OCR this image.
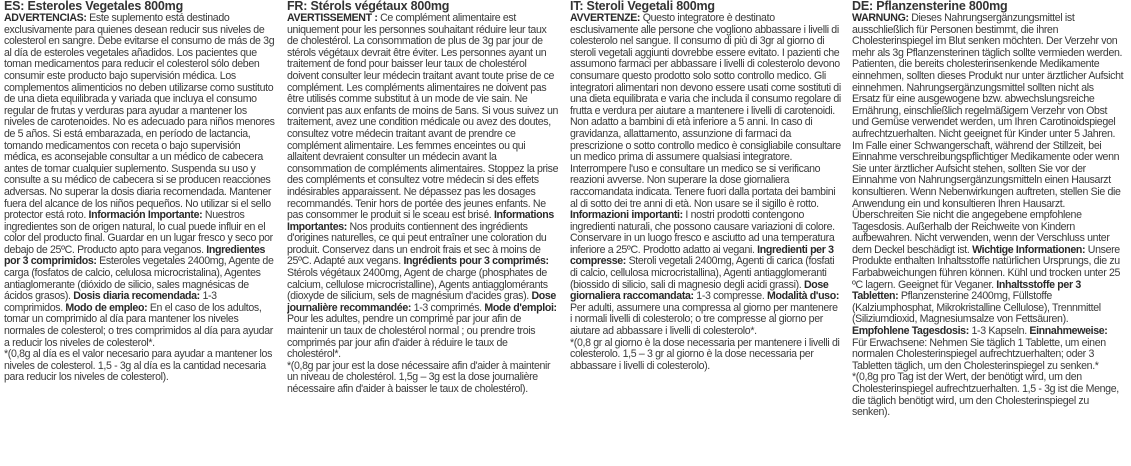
ES: Esteroles Vegetales 800mg
ADVERTENCIAS: Este suplemento está destinado exclusivamente para quienes desean reducir sus niveles de colesterol en sangre. Debe evitarse el consumo de más de 3g al día de esteroles vegetales añadidos. Los pacientes que toman medicamentos para reducir el colesterol sólo deben consumir este producto bajo supervisión médica. Los complementos alimenticios no deben utilizarse como sustituto de una dieta equilibrada y variada que incluya el consumo regular de frutas y verduras para ayudar a mantener los niveles de carotenoides. No es adecuado para niños menores de 5 años. Si está embarazada, en período de lactancia, tomando medicamentos con receta o bajo supervisión médica, es aconsejable consultar a un médico de cabecera antes de tomar cualquier suplemento. Suspenda su uso y consulte a su médico de cabecera si se producen reacciones adversas. No superar la dosis diaria recomendada. Mantener fuera del alcance de los niños pequeños. No utilizar si el sello protector está roto. Información Importante: Nuestros ingredientes son de origen natural, lo cual puede influir en el color del producto final. Guardar en un lugar fresco y seco por debajo de 25ºC. Producto apto para veganos. Ingredientes por 3 comprimidos: Esteroles vegetales 2400mg, Agente de carga (fosfatos de calcio, celulosa microcristalina), Agentes antiaglomerante (dióxido de silicio, sales magnésicas de ácidos grasos). Dosis diaria recomendada: 1-3 comprimidos. Modo de empleo: En el caso de los adultos, tomar un comprimido al día para mantener los niveles normales de colesterol; o tres comprimidos al día para ayudar a reducir los niveles de colesterol*.
*(0,8g al día es el valor necesario para ayudar a mantener los niveles de colesterol. 1,5 - 3g al día es la cantidad necesaria para reducir los niveles de colesterol).
FR: Stérols végétaux 800mg
AVERTISSEMENT : Ce complément alimentaire est uniquement pour les personnes souhaitant réduire leur taux de cholestérol. La consommation de plus de 3g par jour de stérols végétaux devrait être éviter. Les personnes ayant un traitement de fond pour baisser leur taux de cholestérol doivent consulter leur médecin traitant avant toute prise de ce complément. Les compléments alimentaires ne doivent pas être utilisés comme substitut à un mode de vie sain. Ne convient pas aux enfants de moins de 5ans. Si vous suivez un traitement, avez une condition médicale ou avez des doutes, consultez votre médecin traitant avant de prendre ce complément alimentaire. Les femmes enceintes ou qui allaitent devraient consulter un médecin avant la consommation de compléments alimentaires. Stoppez la prise des compléments et consultez votre médecin si des effets indésirables apparaissent. Ne dépassez pas les dosages recommandés. Tenir hors de portée des jeunes enfants. Ne pas consommer le produit si le sceau est brisé. Informations Importantes: Nos produits contiennent des ingrédients d'origines naturelles, ce qui peut entraîner une coloration du produit. Conservez dans un endroit frais et sec à moins de 25ºC. Adapté aux vegans. Ingrédients pour 3 comprimés: Stérols végétaux 2400mg, Agent de charge (phosphates de calcium, cellulose microcristalline), Agents antiagglomérants (dioxyde de silicium, sels de magnésium d'acides gras). Dose journalière recommandée: 1-3 comprimés. Mode d'emploi: Pour les adultes, pendre un comprimé par jour afin de maintenir un taux de cholestérol normal ; ou prendre trois comprimés par jour afin d'aider à réduire le taux de cholestérol*.
*(0,8g par jour est la dose nécessaire afin d'aider à maintenir un niveau de cholestérol. 1,5g – 3g est la dose journalière nécessaire afin d'aider à baisser le taux de cholestérol).
IT: Steroli Vegetali 800mg
AVVERTENZE: Questo integratore è destinato esclusivamente alle persone che vogliono abbassare i livelli di colesterolo nel sangue. Il consumo di più di 3gr al giorno di steroli vegetali aggiunti dovrebbe essere evitato. I pazienti che assumono farmaci per abbassare i livelli di colesterolo devono consumare questo prodotto solo sotto controllo medico. Gli integratori alimentari non devono essere usati come sostituti di una dieta equilibrata e varia che includa il consumo regolare di frutta e verdura per aiutare a mantenere i livelli di carotenoidi. Non adatto a bambini di età inferiore a 5 anni. In caso di gravidanza, allattamento, assunzione di farmaci da prescrizione o sotto controllo medico è consigliabile consultare un medico prima di assumere qualsiasi integratore. Interrompere l'uso e consultare un medico se si verificano reazioni avverse. Non superare la dose giornaliera raccomandata indicata. Tenere fuori dalla portata dei bambini al di sotto dei tre anni di età. Non usare se il sigillo è rotto. Informazioni importanti: I nostri prodotti contengono ingredienti naturali, che possono causare variazioni di colore. Conservare in un luogo fresco e asciutto ad una temperatura inferiore a 25ºC. Prodotto adatto ai vegani. Ingredienti per 3 compresse: Steroli vegetali 2400mg, Agenti di carica (fosfati di calcio, cellulosa microcristallina), Agenti antiagglomeranti (biossido di silicio, sali di magnesio degli acidi grassi). Dose giornaliera raccomandata: 1-3 compresse. Modalità d'uso: Per adulti, assumere una compressa al giorno per mantenere i normali livelli di colesterolo; o tre compresse al giorno per aiutare ad abbassare i livelli di colesterolo*.
*(0,8 gr al giorno è la dose necessaria per mantenere i livelli di colesterolo. 1,5 – 3 gr al giorno è la dose necessaria per abbassare i livelli di colesterolo).
DE: Pflanzensterine 800mg
WARNUNG: Dieses Nahrungsergänzungsmittel ist ausschließlich für Personen bestimmt, die ihren Cholesterinspiegel im Blut senken möchten. Der Verzehr von mehr als 3g Pflanzensterinen täglich sollte vermieden werden. Patienten, die bereits cholesterinsenkende Medikamente einnehmen, sollten dieses Produkt nur unter ärztlicher Aufsicht einnehmen. Nahrungsergänzungsmittel sollten nicht als Ersatz für eine ausgewogene bzw. abwechslungsreiche Ernährung, einschließlich regelmäßigem Verzehr von Obst und Gemüse verwendet werden, um Ihren Carotinoidspiegel aufrechtzuerhalten. Nicht geeignet für Kinder unter 5 Jahren. Im Falle einer Schwangerschaft, während der Stillzeit, bei Einnahme verschreibungspflichtiger Medikamente oder wenn Sie unter ärztlicher Aufsicht stehen, sollten Sie vor der Einnahme von Nahrungsergänzungsmitteln einen Hausarzt konsultieren. Wenn Nebenwirkungen auftreten, stellen Sie die Anwendung ein und konsultieren Ihren Hausarzt. Überschreiten Sie nicht die angegebene empfohlene Tagesdosis. Außerhalb der Reichweite von Kindern aufbewahren. Nicht verwenden, wenn der Verschluss unter dem Deckel beschädigt ist. Wichtige Informationen: Unsere Produkte enthalten Inhaltsstoffe natürlichen Ursprungs, die zu Farbabweichungen führen können. Kühl und trocken unter 25 ºC lagern. Geeignet für Veganer. Inhaltsstoffe per 3 Tabletten: Pflanzensterine 2400mg, Füllstoffe (Kalziumphosphat, Mikrokristalline Cellulose), Trennmittel (Siliziumdioxid, Magnesiumsalze von Fettsäuren). Empfohlene Tagesdosis: 1-3 Kapseln. Einnahmeweise: Für Erwachsene: Nehmen Sie täglich 1 Tablette, um einen normalen Cholesterinspiegel aufrechtzuerhalten; oder 3 Tabletten täglich, um den Cholesterinspiegel zu senken.*
*(0,8g pro Tag ist der Wert, der benötigt wird, um den Cholesterinspiegel aufrechtzuerhalten. 1,5 - 3g ist die Menge, die täglich benötigt wird, um den Cholesterinspiegel zu senken).
